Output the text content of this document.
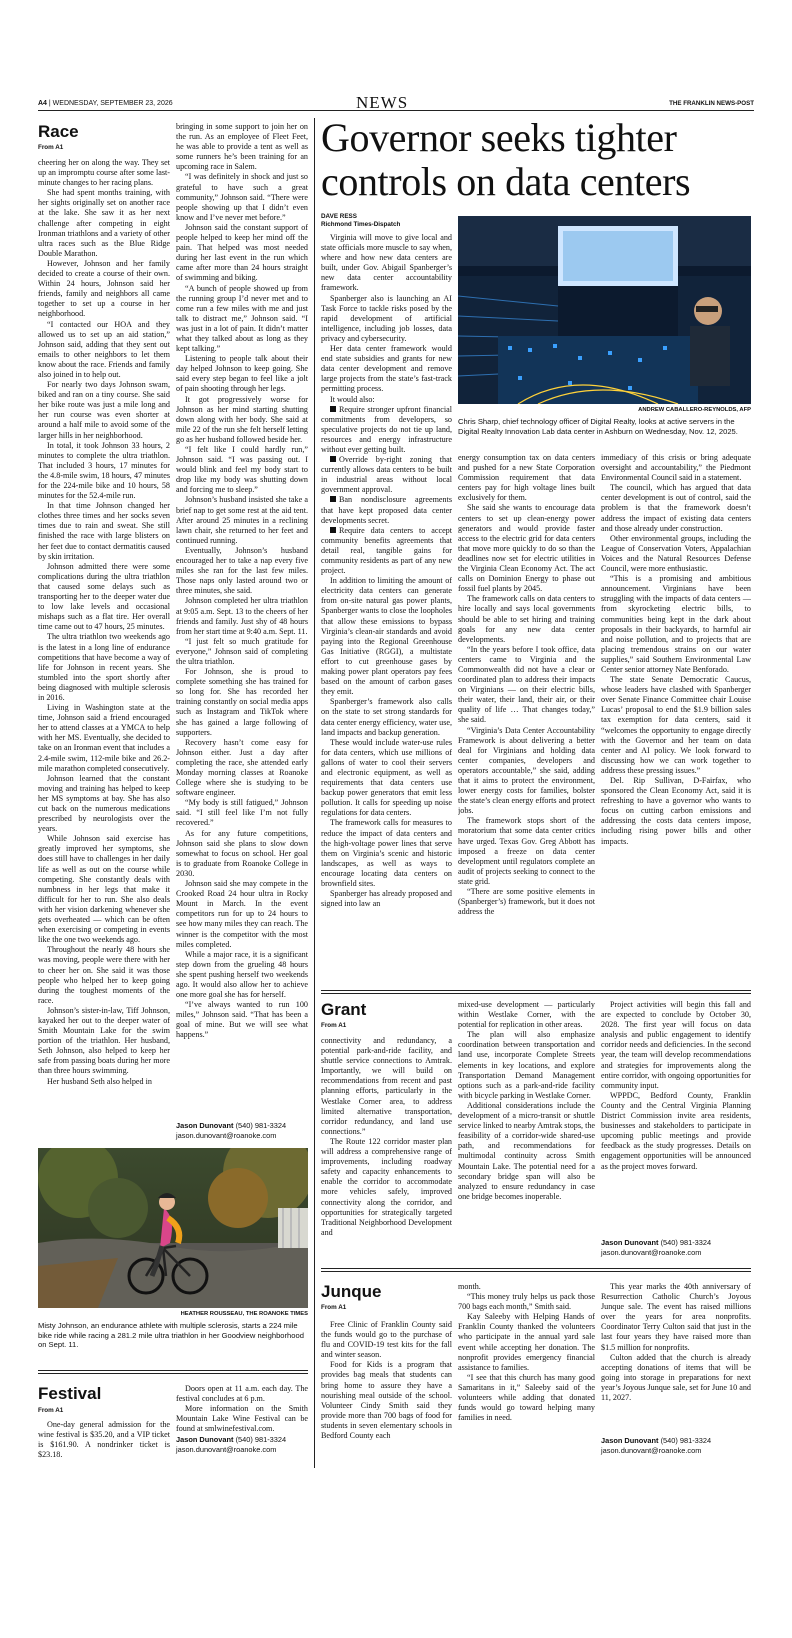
A4 | WEDNESDAY, SEPTEMBER 23, 2026	NEWS	THE FRANKLIN NEWS-POST
Race
From A1

cheering her on along the way. They set up an impromptu course after some last-minute changes to her racing plans.

She had spent months training, with her sights originally set on another race at the lake. She saw it as her next challenge after competing in eight Ironman triathlons and a variety of other ultra races such as the Blue Ridge Double Marathon.

However, Johnson and her family decided to create a course of their own. Within 24 hours, Johnson said her friends, family and neighbors all came together to set up a course in her neighborhood.

“I contacted our HOA and they allowed us to set up an aid station,” Johnson said, adding that they sent out emails to other neighbors to let them know about the race. Friends and family also joined in to help out.

For nearly two days Johnson swam, biked and ran on a tiny course. She said her bike route was just a mile long and her run course was even shorter at around a half mile to avoid some of the larger hills in her neighborhood.

In total, it took Johnson 33 hours, 2 minutes to complete the ultra triathlon. That included 3 hours, 17 minutes for the 4.8-mile swim, 18 hours, 47 minutes for the 224-mile bike and 10 hours, 58 minutes for the 52.4-mile run.

In that time Johnson changed her clothes three times and her socks seven times due to rain and sweat. She still finished the race with large blisters on her feet due to contact dermatitis caused by skin irritation.

Johnson admitted there were some complications during the ultra triathlon that caused some delays such as transporting her to the deeper water due to low lake levels and occasional mishaps such as a flat tire. Her overall time came out to 47 hours, 25 minutes.

The ultra triathlon two weekends ago is the latest in a long line of endurance competitions that have become a way of life for Johnson in recent years. She stumbled into the sport shortly after being diagnosed with multiple sclerosis in 2016.

Living in Washington state at the time, Johnson said a friend encouraged her to attend classes at a YMCA to help with her MS. Eventually, she decided to take on an Ironman event that includes a 2.4-mile swim, 112-mile bike and 26.2-mile marathon completed consecutively.

Johnson learned that the constant moving and training has helped to keep her MS symptoms at bay. She has also cut back on the numerous medications prescribed by neurologists over the years.

While Johnson said exercise has greatly improved her symptoms, she does still have to challenges in her daily life as well as out on the course while competing. She constantly deals with numbness in her legs that make it difficult for her to run. She also deals with her vision darkening whenever she gets overheated — which can be often when exercising or competing in events like the one two weekends ago.

Throughout the nearly 48 hours she was moving, people were there with her to cheer her on. She said it was those people who helped her to keep going during the toughest moments of the race.

Johnson’s sister-in-law, Tiff Johnson, kayaked her out to the deeper water of Smith Mountain Lake for the swim portion of the triathlon. Her husband, Seth Johnson, also helped to keep her safe from passing boats during her more than three hours swimming.

Her husband Seth also helped in

bringing in some support to join her on the run. As an employee of Fleet Feet, he was able to provide a tent as well as some runners he’s been training for an upcoming race in Salem.

“I was definitely in shock and just so grateful to have such a great community,” Johnson said. “There were people showing up that I didn’t even know and I’ve never met before.”

Johnson said the constant support of people helped to keep her mind off the pain. That helped was most needed during her last event in the run which came after more than 24 hours straight of swimming and biking.

“A bunch of people showed up from the running group I’d never met and to come run a few miles with me and just talk to distract me,” Johnson said. “I was just in a lot of pain. It didn’t matter what they talked about as long as they kept talking.”

Listening to people talk about their day helped Johnson to keep going. She said every step began to feel like a jolt of pain shooting through her legs.

It got progressively worse for Johnson as her mind starting shutting down along with her body. She said at mile 22 of the run she felt herself letting go as her husband followed beside her.

“I felt like I could hardly run,” Johnson said. “I was passing out. I would blink and feel my body start to drop like my body was shutting down and forcing me to sleep.”

Johnson’s husband insisted she take a brief nap to get some rest at the aid tent. After around 25 minutes in a reclining lawn chair, she returned to her feet and continued running.

Eventually, Johnson’s husband encouraged her to take a nap every five miles she ran for the last few miles. Those naps only lasted around two or three minutes, she said.

Johnson completed her ultra triathlon at 9:05 a.m. Sept. 13 to the cheers of her friends and family. Just shy of 48 hours from her start time at 9:40 a.m. Sept. 11.

“I just felt so much gratitude for everyone,” Johnson said of completing the ultra triathlon.

For Johnson, she is proud to complete something she has trained for so long for. She has recorded her training constantly on social media apps such as Instagram and TikTok where she has gained a large following of supporters.

Recovery hasn’t come easy for Johnson either. Just a day after completing the race, she attended early Monday morning classes at Roanoke College where she is studying to be software engineer.

“My body is still fatigued,” Johnson said. “I still feel like I’m not fully recovered.”

As for any future competitions, Johnson said she plans to slow down somewhat to focus on school. Her goal is to graduate from Roanoke College in 2030.

Johnson said she may compete in the Crooked Road 24 hour ultra in Rocky Mount in March. In the event competitors run for up to 24 hours to see how many miles they can reach. The winner is the competitor with the most miles completed.

While a major race, it is a significant step down from the grueling 48 hours she spent pushing herself two weekends ago. It would also allow her to achieve one more goal she has for herself.

“I’ve always wanted to run 100 miles,” Johnson said. “That has been a goal of mine. But we will see what happens.”

Jason Dunovant (540) 981-3324
jason.dunovant@roanoke.com
HEATHER ROUSSEAU, THE ROANOKE TIMES
Misty Johnson, an endurance athlete with multiple sclerosis, starts a 224 mile bike ride while racing a 281.2 mile ultra triathlon in her Goodview neighborhood on Sept. 11.
Festival
From A1

One-day general admission for the wine festival is $35.20, and a VIP ticket is $161.90. A nondrinker ticket is $23.18.

Doors open at 11 a.m. each day. The festival concludes at 6 p.m.

More information on the Smith Mountain Lake Wine Festival can be found at smlwinefestival.com.

Jason Dunovant (540) 981-3324
jason.dunovant@roanoke.com
Governor seeks tighter controls on data centers
DAVE RESS
Richmond Times-Dispatch

Virginia will move to give local and state officials more muscle to say when, where and how new data centers are built, under Gov. Abigail Spanberger’s new data center accountability framework.

Spanberger also is launching an AI Task Force to tackle risks posed by the rapid development of artificial intelligence, including job losses, data privacy and cybersecurity.

Her data center framework would end state subsidies and grants for new data center development and remove large projects from the state’s fast-track permitting process.

It would also:

Require stronger upfront financial commitments from developers, so speculative projects do not tie up land, resources and energy infrastructure without ever getting built.

Override by-right zoning that currently allows data centers to be built in industrial areas without local government approval.

Ban nondisclosure agreements that have kept proposed data center developments secret.

Require data centers to accept community benefits agreements that detail real, tangible gains for community residents as part of any new project.

In addition to limiting the amount of electricity data centers can generate from on-site natural gas power plants, Spanberger wants to close the loopholes that allow these emissions to bypass Virginia’s clean-air standards and avoid paying into the Regional Greenhouse Gas Initiative (RGGI), a multistate effort to cut greenhouse gases by making power plant operators pay fees based on the amount of carbon gases they emit.

Spanberger’s framework also calls on the state to set strong standards for data center energy efficiency, water use, land impacts and backup generation.

These would include water-use rules for data centers, which use millions of gallons of water to cool their servers and electronic equipment, as well as requirements that data centers use backup power generators that emit less pollution. It calls for speeding up noise regulations for data centers.

The framework calls for measures to reduce the impact of data centers and the high-voltage power lines that serve them on Virginia’s scenic and historic landscapes, as well as ways to encourage locating data centers on brownfield sites.

Spanberger has already proposed and signed into law an

ANDREW CABALLERO-REYNOLDS, AFP
Chris Sharp, chief technology officer of Digital Realty, looks at active servers in the Digital Realty Innovation Lab data center in Ashburn on Wednesday, Nov. 12, 2025.

energy consumption tax on data centers and pushed for a new State Corporation Commission requirement that data centers pay for high voltage lines built exclusively for them.

She said she wants to encourage data centers to set up clean-energy power generators and would provide faster access to the electric grid for data centers that move more quickly to do so than the deadlines now set for electric utilities in the Virginia Clean Economy Act. The act calls on Dominion Energy to phase out fossil fuel plants by 2045.

The framework calls on data centers to hire locally and says local governments should be able to set hiring and training goals for any new data center developments.

“In the years before I took office, data centers came to Virginia and the Commonwealth did not have a clear or coordinated plan to address their impacts on Virginians — on their electric bills, their water, their land, their air, or their quality of life … That changes today,” she said.

“Virginia’s Data Center Accountability Framework is about delivering a better deal for Virginians and holding data center companies, developers and operators accountable,” she said, adding that it aims to protect the environment, lower energy costs for families, bolster the state’s clean energy efforts and protect jobs.

The framework stops short of the moratorium that some data center critics have urged. Texas Gov. Greg Abbott has imposed a freeze on data center development until regulators complete an audit of projects seeking to connect to the state grid.

“There are some positive elements in (Spanberger’s) framework, but it does not address the

immediacy of this crisis or bring adequate oversight and accountability,” the Piedmont Environmental Council said in a statement.

The council, which has argued that data center development is out of control, said the problem is that the framework doesn’t address the impact of existing data centers and those already under construction.

Other environmental groups, including the League of Conservation Voters, Appalachian Voices and the Natural Resources Defense Council, were more enthusiastic.

“This is a promising and ambitious announcement. Virginians have been struggling with the impacts of data centers — from skyrocketing electric bills, to communities being kept in the dark about proposals in their backyards, to harmful air and noise pollution, and to projects that are placing tremendous strains on our water supplies,” said Southern Environmental Law Center senior attorney Nate Benforado.

The state Senate Democratic Caucus, whose leaders have clashed with Spanberger over Senate Finance Committee chair Louise Lucas’ proposal to end the $1.9 billion sales tax exemption for data centers, said it “welcomes the opportunity to engage directly with the Governor and her team on data center and AI policy. We look forward to discussing how we can work together to address these pressing issues.”

Del. Rip Sullivan, D-Fairfax, who sponsored the Clean Economy Act, said it is refreshing to have a governor who wants to focus on cutting carbon emissions and addressing the costs data centers impose, including rising power bills and other impacts.

Grant
From A1

connectivity and redundancy, a potential park-and-ride facility, and shuttle service connections to Amtrak. Importantly, we will build on recommendations from recent and past planning efforts, particularly in the Westlake Corner area, to address limited alternative transportation, corridor redundancy, and land use connections.”

The Route 122 corridor master plan will address a comprehensive range of improvements, including roadway safety and capacity enhancements to enable the corridor to accommodate more vehicles safely, improved connectivity along the corridor, and opportunities for strategically targeted Traditional Neighborhood Development and

mixed-use development — particularly within Westlake Corner, with the potential for replication in other areas.

The plan will also emphasize coordination between transportation and land use, incorporate Complete Streets elements in key locations, and explore Transportation Demand Management options such as a park-and-ride facility with bicycle parking in Westlake Corner.

Additional considerations include the development of a micro-transit or shuttle service linked to nearby Amtrak stops, the feasibility of a corridor-wide shared-use path, and recommendations for multimodal continuity across Smith Mountain Lake. The potential need for a secondary bridge span will also be analyzed to ensure redundancy in case one bridge becomes inoperable.

Project activities will begin this fall and are expected to conclude by October 30, 2028. The first year will focus on data analysis and public engagement to identify corridor needs and deficiencies. In the second year, the team will develop recommendations and strategies for improvements along the entire corridor, with ongoing opportunities for community input.

WPPDC, Bedford County, Franklin County and the Central Virginia Planning District Commission invite area residents, businesses and stakeholders to participate in upcoming public meetings and provide feedback as the study progresses. Details on engagement opportunities will be announced as the project moves forward.

Jason Dunovant (540) 981-3324
jason.dunovant@roanoke.com
Junque
From A1

Free Clinic of Franklin County said the funds would go to the purchase of flu and COVID-19 test kits for the fall and winter season.

Food for Kids is a program that provides bag meals that students can bring home to assure they have a nourishing meal outside of the school. Volunteer Cindy Smith said they provide more than 700 bags of food for students in seven elementary schools in Bedford County each

month.

“This money truly helps us pack those 700 bags each month,” Smith said.

Kay Saleeby with Helping Hands of Franklin County thanked the volunteers who participate in the annual yard sale event while accepting her donation. The nonprofit provides emergency financial assistance to families.

“I see that this church has many good Samaritans in it,” Saleeby said of the volunteers while adding that donated funds would go toward helping many families in need.

This year marks the 40th anniversary of Resurrection Catholic Church’s Joyous Junque sale. The event has raised millions over the years for area nonprofits. Coordinator Terry Culton said that just in the last four years they have raised more than $1.5 million for nonprofits.

Culton added that the church is already accepting donations of items that will be going into storage in preparations for next year’s Joyous Junque sale, set for June 10 and 11, 2027.

Jason Dunovant (540) 981-3324
jason.dunovant@roanoke.com
